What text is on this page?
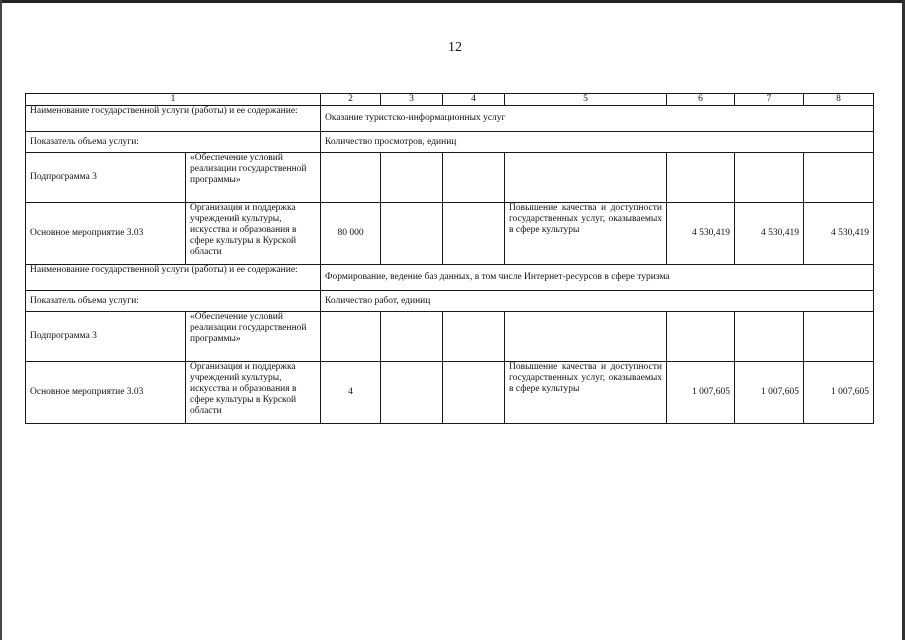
12
1		2	3	4	5	6	7	8
Наименование государственной услуги (работы) и ее содержание:		Оказание туристско-информационных услуг						
Показатель объема услуги:		Количество просмотров, единиц						
Подпрограмма 3	«Обеспечение условий реализации государственной программы»							
Основное мероприятие 3.03	Организация и поддержка учреждений культуры, искусства и образования в сфере культуры в Курской области	80 000			Повышение качества и доступности государственных услуг, оказываемых в сфере культуры	4 530,419	4 530,419	4 530,419
Наименование государственной услуги (работы) и ее содержание:		Формирование, ведение баз данных, в том числе Интернет-ресурсов в сфере туризма						
Показатель объема услуги:		Количество работ, единиц						
Подпрограмма 3	«Обеспечение условий реализации государственной программы»							
Основное мероприятие 3.03	Организация и поддержка учреждений культуры, искусства и образования в сфере культуры в Курской области	4			Повышение качества и доступности государственных услуг, оказываемых в сфере культуры	1 007,605	1 007,605	1 007,605
